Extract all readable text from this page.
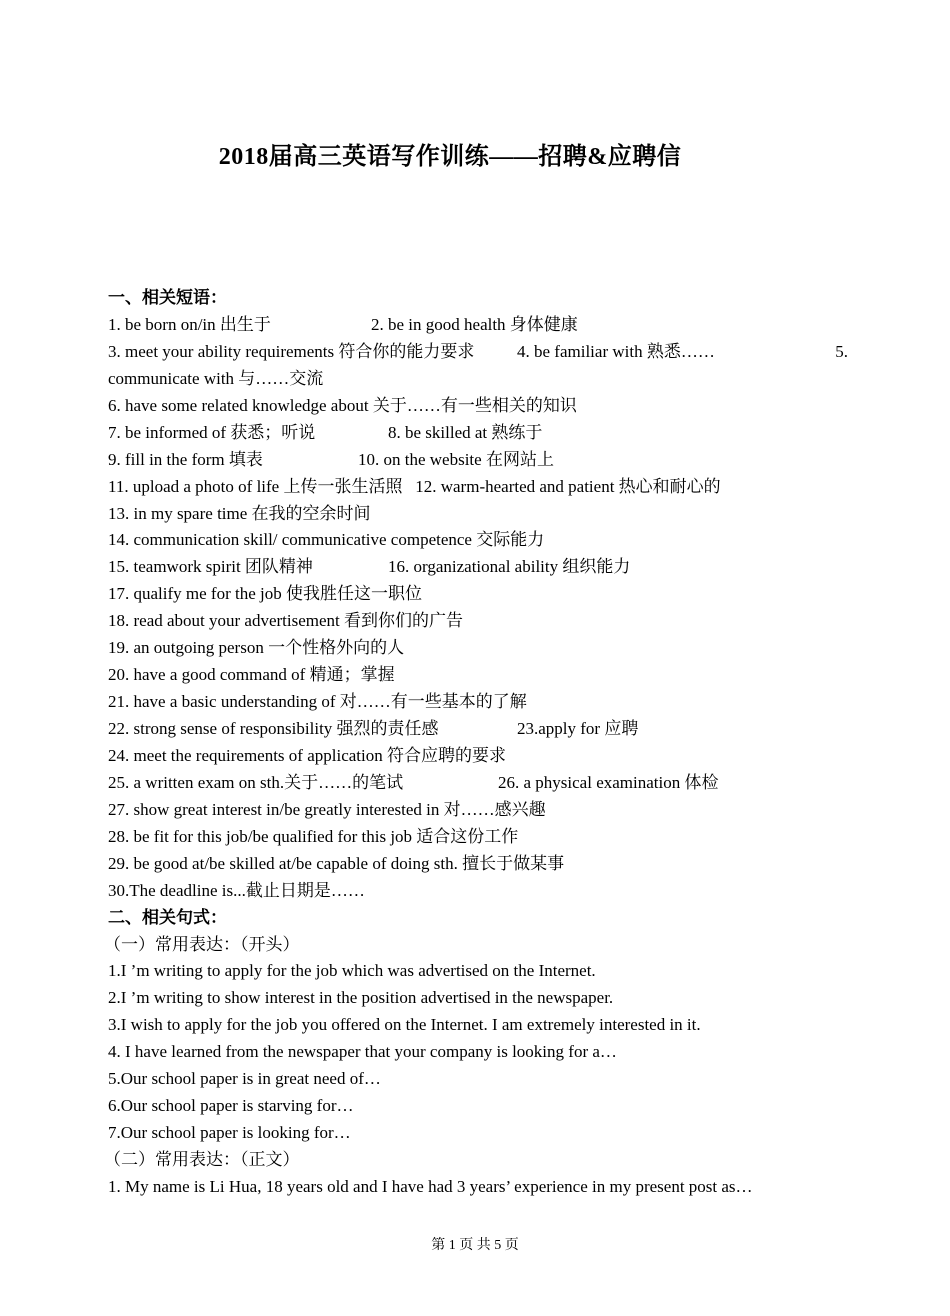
2018届高三英语写作训练——招聘&应聘信
一、相关短语：
1. be born on/in 出生于	2. be in good health 身体健康
3. meet your ability requirements 符合你的能力要求	4. be familiar with 熟悉……	5.
communicate with 与……交流
6. have some related knowledge about 关于……有一些相关的知识
7. be informed of 获悉；听说	8. be skilled at 熟练于
9. fill in the form 填表	10. on the website 在网站上
11. upload a photo of life 上传一张生活照 12. warm-hearted and patient 热心和耐心的
13. in my spare time 在我的空余时间
14. communication skill/ communicative competence 交际能力
15. teamwork spirit 团队精神	16. organizational ability 组织能力
17. qualify me for the job 使我胜任这一职位
18. read about your advertisement 看到你们的广告
19. an outgoing person 一个性格外向的人
20. have a good command of 精通；掌握
21. have a basic understanding of 对……有一些基本的了解
22. strong sense of responsibility 强烈的责任感	23.apply for 应聘
24. meet the requirements of application 符合应聘的要求
25. a written exam on sth.关于……的笔试	26. a physical examination 体检
27. show great interest in/be greatly interested in 对……感兴趣
28. be fit for this job/be qualified for this job 适合这份工作
29. be good at/be skilled at/be capable of doing sth. 擅长于做某事
30.The deadline is...截止日期是……
二、相关句式：
（一）常用表达：（开头）
1.I ’m writing to apply for the job which was advertised on the Internet.
2.I ’m writing to show interest in the position advertised in the newspaper.
3.I wish to apply for the job you offered on the Internet. I am extremely interested in it.
4. I have learned from the newspaper that your company is looking for a…
5.Our school paper is in great need of…
6.Our school paper is starving for…
7.Our school paper is looking for…
（二）常用表达：（正文）
1. My name is Li Hua, 18 years old and I have had 3 years’ experience in my present post as…
第 1 页 共 5 页
